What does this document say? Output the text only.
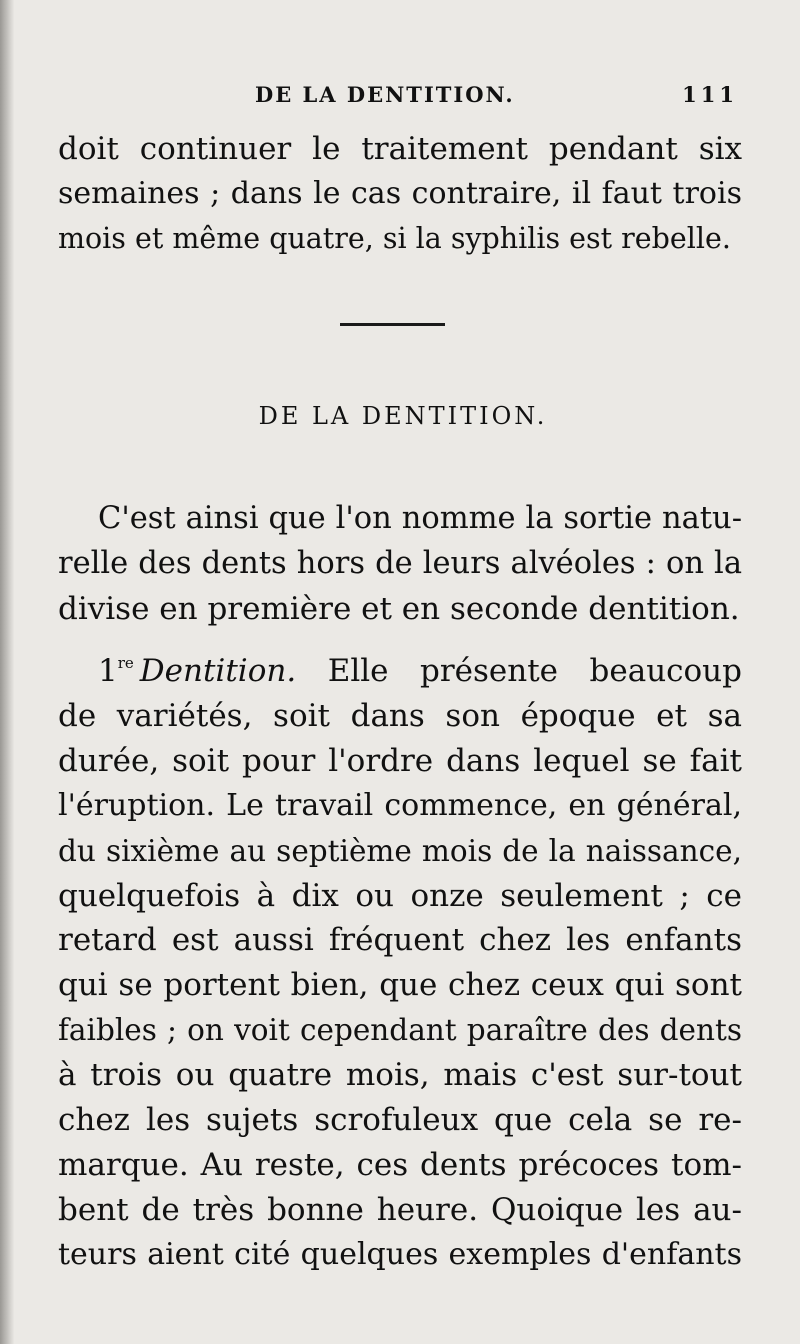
DE LA DENTITION.	111
doit continuer le traitement pendant six
semaines ; dans le cas contraire, il faut trois
mois et même quatre, si la syphilis est rebelle.
DE LA DENTITION.
C'est ainsi que l'on nomme la sortie natu-
relle des dents hors de leurs alvéoles : on la
divise en première et en seconde dentition.
1re Dentition. Elle présente beaucoup
de variétés, soit dans son époque et sa
durée, soit pour l'ordre dans lequel se fait
l'éruption. Le travail commence, en général,
du sixième au septième mois de la naissance,
quelquefois à dix ou onze seulement ; ce
retard est aussi fréquent chez les enfants
qui se portent bien, que chez ceux qui sont
faibles ; on voit cependant paraître des dents
à trois ou quatre mois, mais c'est sur-tout
chez les sujets scrofuleux que cela se re-
marque. Au reste, ces dents précoces tom-
bent de très bonne heure. Quoique les au-
teurs aient cité quelques exemples d'enfants
